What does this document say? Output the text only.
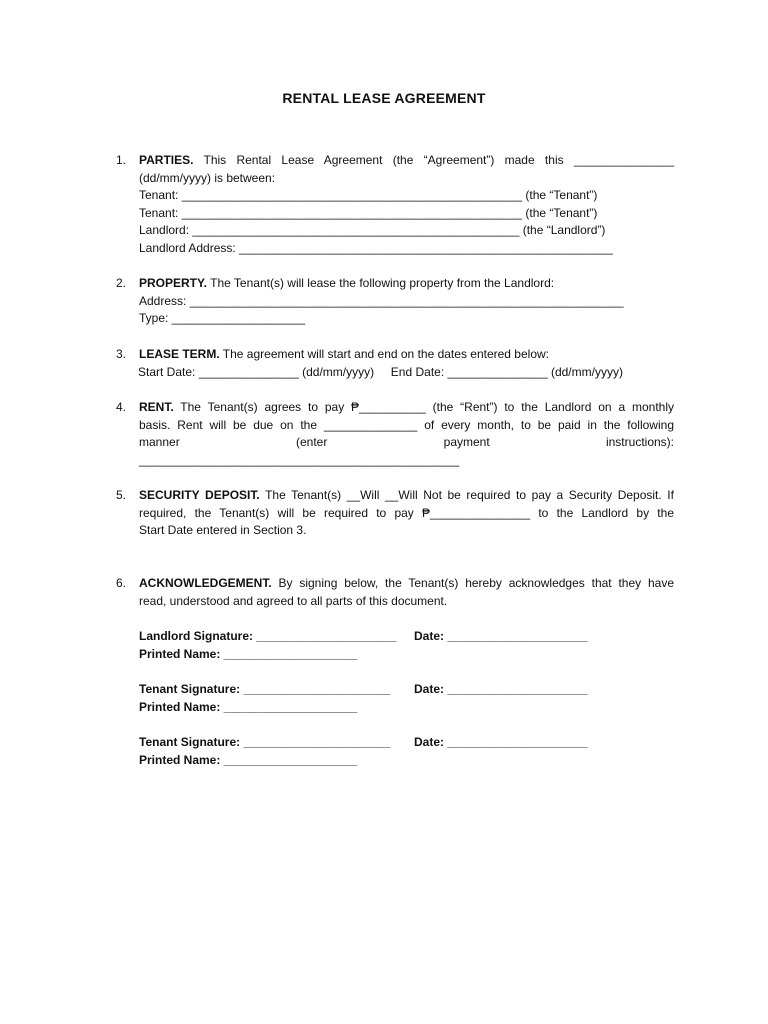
RENTAL LEASE AGREEMENT
1.	PARTIES. This Rental Lease Agreement (the “Agreement”) made this _______________
(dd/mm/yyyy) is between:
Tenant: ___________________________________________________ (the “Tenant”)
Tenant: ___________________________________________________ (the “Tenant”)
Landlord: _________________________________________________ (the “Landlord”)
Landlord Address: ________________________________________________________
2.	PROPERTY. The Tenant(s) will lease the following property from the Landlord:
Address: _________________________________________________________________
Type: ____________________
3.	LEASE TERM. The agreement will start and end on the dates entered below:
Start Date: _______________ (dd/mm/yyyy)     End Date: _______________ (dd/mm/yyyy)
4.	RENT. The Tenant(s) agrees to pay ₱__________ (the “Rent”) to the Landlord on a monthly
basis. Rent will be due on the ______________ of every month, to be paid in the following
manner (enter payment instructions):
________________________________________________
5.	SECURITY DEPOSIT. The Tenant(s) __Will __Will Not be required to pay a Security Deposit. If
required, the Tenant(s) will be required to pay ₱_______________ to the Landlord by the
Start Date entered in Section 3.
6.	ACKNOWLEDGEMENT. By signing below, the Tenant(s) hereby acknowledges that they have
read, understood and agreed to all parts of this document.
Landlord Signature: _____________________ Date: _____________________
Printed Name: ____________________
Tenant Signature: ______________________ Date: _____________________
Printed Name: ____________________
Tenant Signature: ______________________ Date: _____________________
Printed Name: ____________________
